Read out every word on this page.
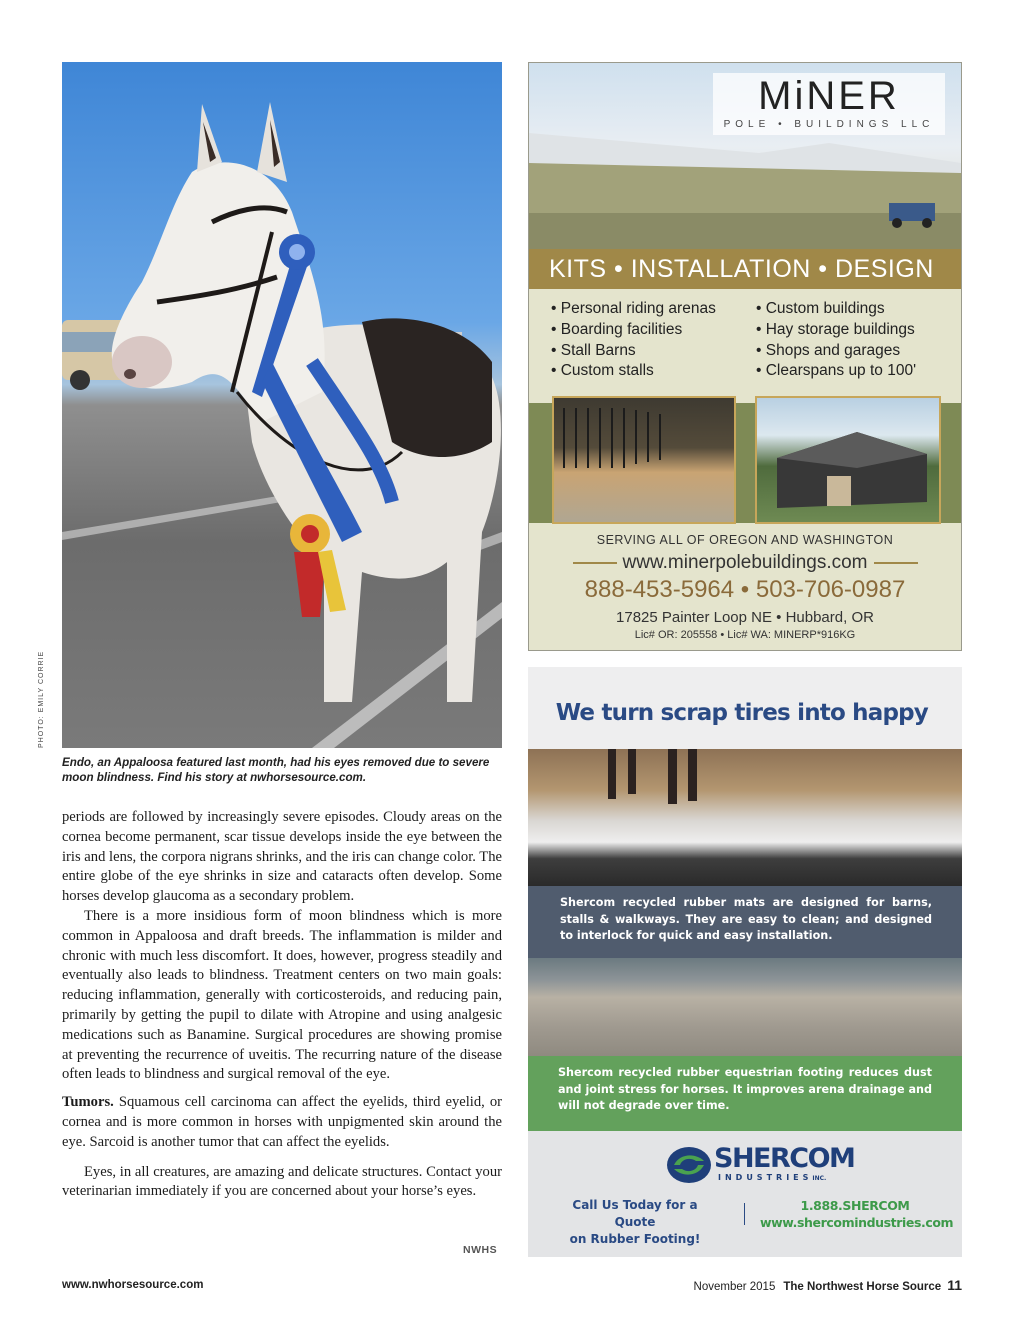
PHOTO: EMILY CORRIE
Endo, an Appaloosa featured last month, had his eyes removed due to severe moon blindness. Find his story at nwhorsesource.com.

periods are followed by increasingly severe episodes. Cloudy areas on the cornea become permanent, scar tissue develops inside the eye between the iris and lens, the corpora nigrans shrinks, and the iris can change color. The entire globe of the eye shrinks in size and cataracts often develop. Some horses develop glaucoma as a secondary problem.

There is a more insidious form of moon blindness which is more common in Appaloosa and draft breeds. The inflammation is milder and chronic with much less discomfort. It does, however, progress steadily and eventually also leads to blindness. Treatment centers on two main goals: reducing inflammation, generally with corticosteroids, and reducing pain, primarily by getting the pupil to dilate with Atropine and using analgesic medications such as Banamine. Surgical procedures are showing promise at preventing the recurrence of uveitis. The recurring nature of the disease often leads to blindness and surgical removal of the eye.

Tumors. Squamous cell carcinoma can affect the eyelids, third eyelid, or cornea and is more common in horses with unpigmented skin around the eye. Sarcoid is another tumor that can affect the eyelids.

Eyes, in all creatures, are amazing and delicate structures. Contact your veterinarian immediately if you are concerned about your horse’s eyes.

NWHS
MiNER
POLE • BUILDINGS LLC
KITS • INSTALLATION • DESIGN
• Personal riding arenas
• Boarding facilities
• Stall Barns
• Custom stalls
• Custom buildings
• Hay storage buildings
• Shops and garages
• Clearspans up to 100'
SERVING ALL OF OREGON AND WASHINGTON
www.minerpolebuildings.com
888-453-5964 • 503-706-0987
17825 Painter Loop NE • Hubbard, OR
Lic# OR: 205558 • Lic# WA: MINERP*916KG
We turn scrap tires into happy
Shercom recycled rubber mats are designed for barns, stalls & walkways. They are easy to clean; and designed to interlock for quick and easy installation.
Shercom recycled rubber equestrian footing reduces dust and joint stress for horses. It improves arena drainage and will not degrade over time.
SHERCOM
INDUSTRIESINC.
Call Us Today for a Quote
on Rubber Footing!
1.888.SHERCOM
www.shercomindustries.com
www.nwhorsesource.com	November 2015 The Northwest Horse Source 11
